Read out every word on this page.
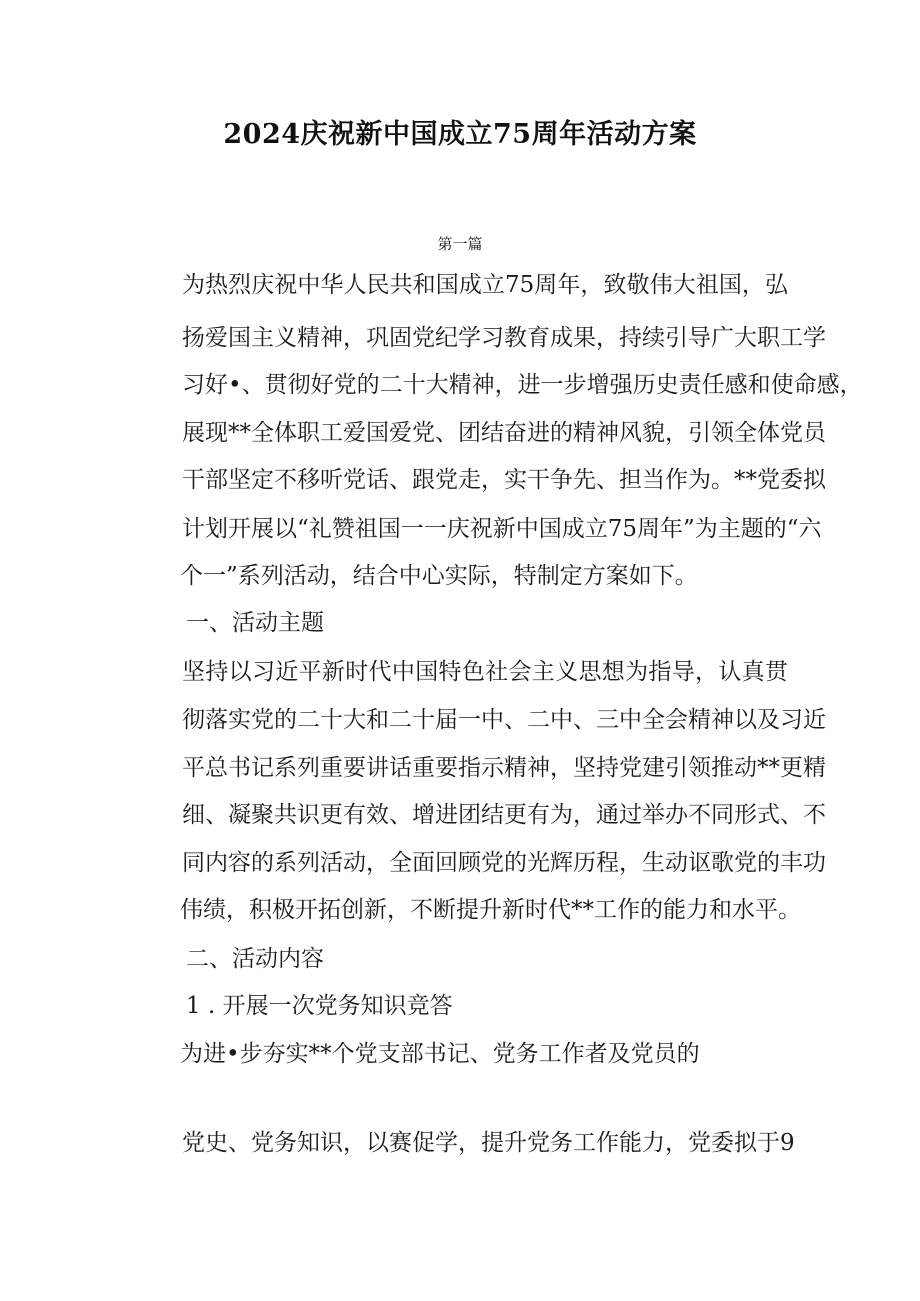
2024庆祝新中国成立75周年活动方案
第一篇
为热烈庆祝中华人民共和国成立75周年，致敬伟大祖国，弘
扬爱国主义精神，巩固党纪学习教育成果，持续引导广大职工学
习好•、贯彻好党的二十大精神，进一步增强历史责任感和使命感，
展现**全体职工爱国爱党、团结奋进的精神风貌，引领全体党员
干部坚定不移听党话、跟党走，实干争先、担当作为。**党委拟
计划开展以“礼赞祖国一一庆祝新中国成立75周年”为主题的“六
个一”系列活动，结合中心实际，特制定方案如下。
一、活动主题
坚持以习近平新时代中国特色社会主义思想为指导，认真贯
彻落实党的二十大和二十届一中、二中、三中全会精神以及习近
平总书记系列重要讲话重要指示精神，坚持党建引领推动**更精
细、凝聚共识更有效、增进团结更有为，通过举办不同形式、不
同内容的系列活动，全面回顾党的光辉历程，生动讴歌党的丰功
伟绩，积极开拓创新，不断提升新时代**工作的能力和水平。
二、活动内容
1 . 开展一次党务知识竞答
为进•步夯实**个党支部书记、党务工作者及党员的
党史、党务知识，以赛促学，提升党务工作能力，党委拟于9
